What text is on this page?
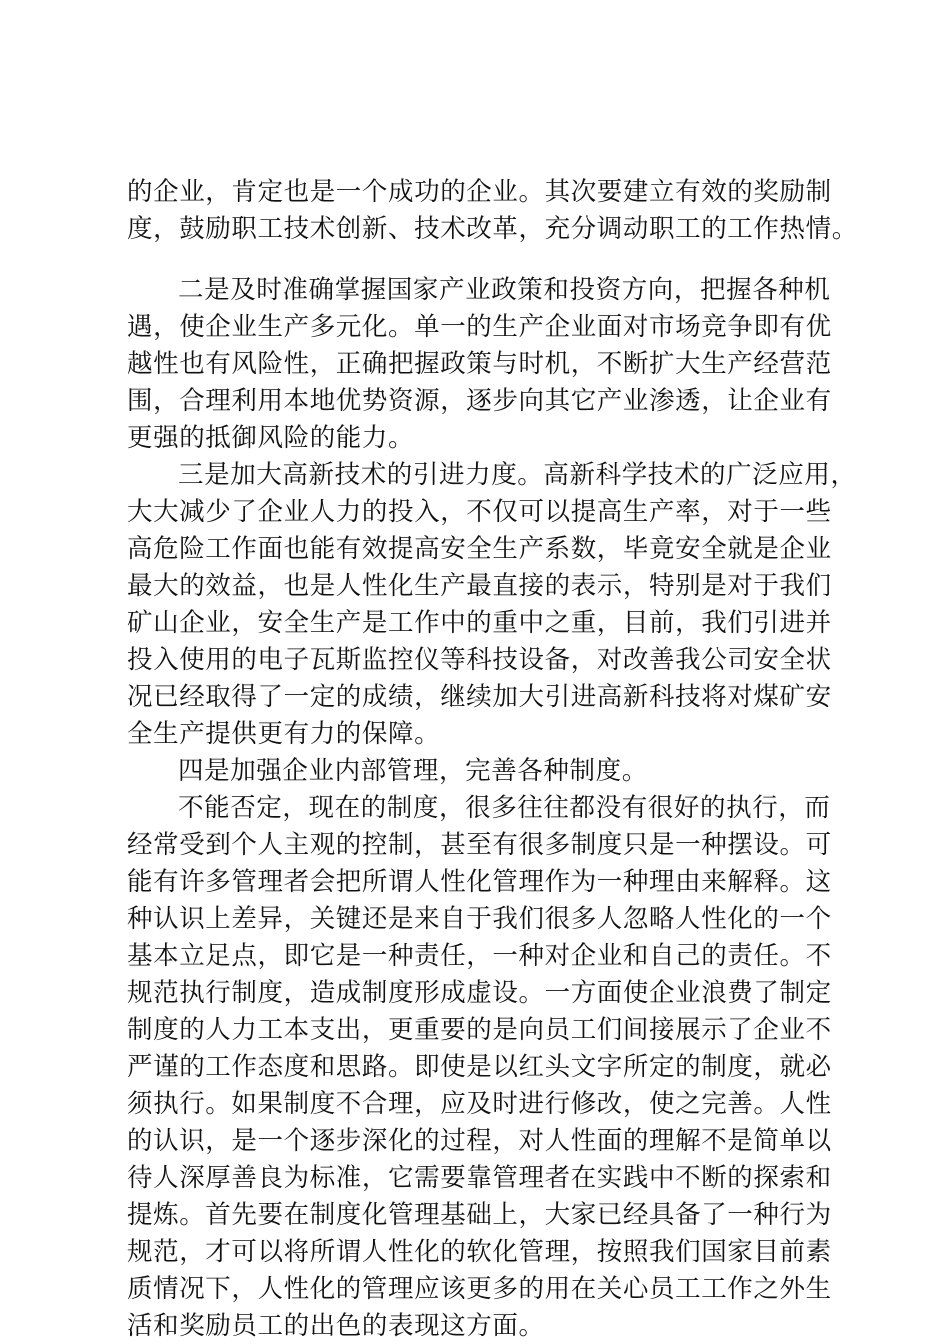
的企业，肯定也是一个成功的企业。其次要建立有效的奖励制
度，鼓励职工技术创新、技术改革，充分调动职工的工作热情。
二是及时准确掌握国家产业政策和投资方向，把握各种机
遇，使企业生产多元化。单一的生产企业面对市场竞争即有优
越性也有风险性，正确把握政策与时机，不断扩大生产经营范
围，合理利用本地优势资源，逐步向其它产业渗透，让企业有
更强的抵御风险的能力。
三是加大高新技术的引进力度。高新科学技术的广泛应用，
大大减少了企业人力的投入，不仅可以提高生产率，对于一些
高危险工作面也能有效提高安全生产系数，毕竟安全就是企业
最大的效益，也是人性化生产最直接的表示，特别是对于我们
矿山企业，安全生产是工作中的重中之重，目前，我们引进并
投入使用的电子瓦斯监控仪等科技设备，对改善我公司安全状
况已经取得了一定的成绩，继续加大引进高新科技将对煤矿安
全生产提供更有力的保障。
四是加强企业内部管理，完善各种制度。
不能否定，现在的制度，很多往往都没有很好的执行，而
经常受到个人主观的控制，甚至有很多制度只是一种摆设。可
能有许多管理者会把所谓人性化管理作为一种理由来解释。这
种认识上差异，关键还是来自于我们很多人忽略人性化的一个
基本立足点，即它是一种责任，一种对企业和自己的责任。不
规范执行制度，造成制度形成虚设。一方面使企业浪费了制定
制度的人力工本支出，更重要的是向员工们间接展示了企业不
严谨的工作态度和思路。即使是以红头文字所定的制度，就必
须执行。如果制度不合理，应及时进行修改，使之完善。人性
的认识，是一个逐步深化的过程，对人性面的理解不是简单以
待人深厚善良为标准，它需要靠管理者在实践中不断的探索和
提炼。首先要在制度化管理基础上，大家已经具备了一种行为
规范，才可以将所谓人性化的软化管理，按照我们国家目前素
质情况下，人性化的管理应该更多的用在关心员工工作之外生
活和奖励员工的出色的表现这方面。
